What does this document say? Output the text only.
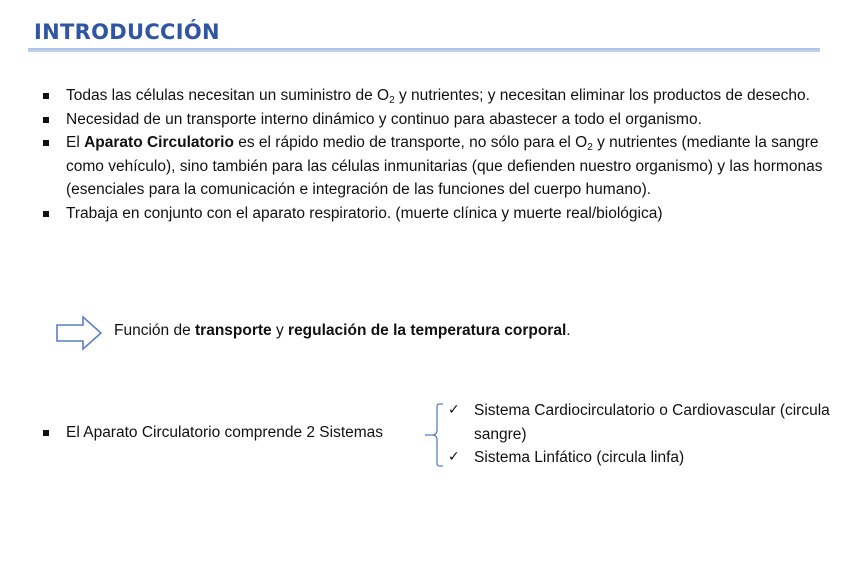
INTRODUCCIÓN
Todas las células necesitan un suministro de $O_2$ y nutrientes; y necesitan eliminar los productos de desecho.
Necesidad de un transporte interno dinámico y continuo para abastecer a todo el organismo.
El Aparato Circulatorio es el rápido medio de transporte, no sólo para el $O_2$ y nutrientes (mediante la sangre como vehículo), sino también para las células inmunitarias (que defienden nuestro organismo) y las hormonas (esenciales para la comunicación e integración de las funciones del cuerpo humano).
Trabaja en conjunto con el aparato respiratorio. (muerte clínica y muerte real/biológica)
Función de transporte y regulación de la temperatura corporal.
El Aparato Circulatorio comprende 2 Sistemas
✓ Sistema Cardiocirculatorio o Cardiovascular (circula sangre)
✓ Sistema Linfático (circula linfa)
